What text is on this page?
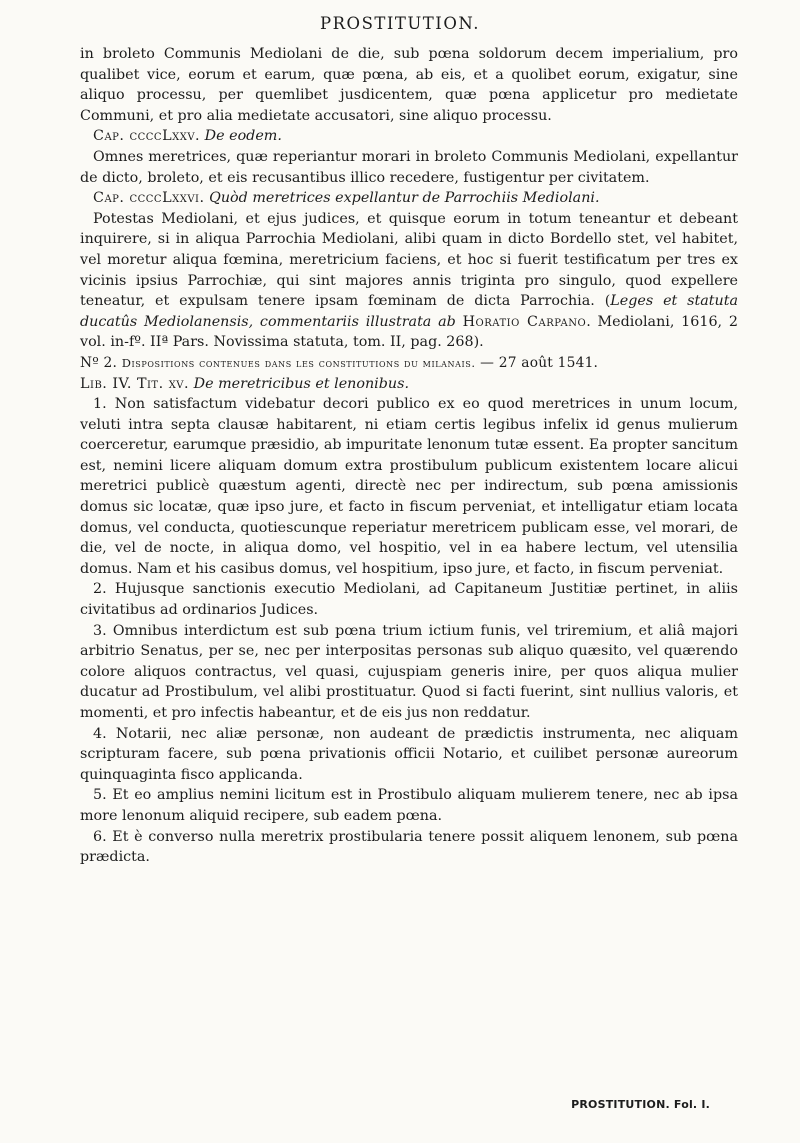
PROSTITUTION.

in broleto Communis Mediolani de die, sub pœna soldorum decem imperialium, pro qualibet vice, eorum et earum, quæ pœna, ab eis, et a quolibet eorum, exigatur, sine aliquo processu, per quemlibet jusdicentem, quæ pœna applicetur pro medietate Communi, et pro alia medietate accusatori, sine aliquo processu.

Cap. ccccLxxv. De eodem.

Omnes meretrices, quæ reperiantur morari in broleto Communis Mediolani, expellantur de dicto, broleto, et eis recusantibus illico recedere, fustigentur per civitatem.

Cap. ccccLxxvi. Quòd meretrices expellantur de Parrochiis Mediolani.

Potestas Mediolani, et ejus judices, et quisque eorum in totum teneantur et debeant inquirere, si in aliqua Parrochia Mediolani, alibi quam in dicto Bordello stet, vel habitet, vel moretur aliqua fœmina, meretricium faciens, et hoc si fuerit testificatum per tres ex vicinis ipsius Parrochiæ, qui sint majores annis triginta pro singulo, quod expellere teneatur, et expulsam tenere ipsam fœminam de dicta Parrochia. (Leges et statuta ducatûs Mediolanensis, commentariis illustrata ab Horatio Carpano. Mediolani, 1616, 2 vol. in-fº. IIª Pars. Novissima statuta, tom. II, pag. 268).

Nº 2. Dispositions contenues dans les constitutions du milanais. — 27 août 1541.

Lib. IV. Tit. xv. De meretricibus et lenonibus.

1. Non satisfactum videbatur decori publico ex eo quod meretrices in unum locum, veluti intra septa clausæ habitarent, ni etiam certis legibus infelix id genus mulierum coerceretur, earumque præsidio, ab impuritate lenonum tutæ essent. Ea propter sancitum est, nemini licere aliquam domum extra prostibulum publicum existentem locare alicui meretrici publicè quæstum agenti, directè nec per indirectum, sub pœna amissionis domus sic locatæ, quæ ipso jure, et facto in fiscum perveniat, et intelligatur etiam locata domus, vel conducta, quotiescunque reperiatur meretricem publicam esse, vel morari, de die, vel de nocte, in aliqua domo, vel hospitio, vel in ea habere lectum, vel utensilia domus. Nam et his casibus domus, vel hospitium, ipso jure, et facto, in fiscum perveniat.

2. Hujusque sanctionis executio Mediolani, ad Capitaneum Justitiæ pertinet, in aliis civitatibus ad ordinarios Judices.

3. Omnibus interdictum est sub pœna trium ictium funis, vel triremium, et aliâ majori arbitrio Senatus, per se, nec per interpositas personas sub aliquo quæsito, vel quærendo colore aliquos contractus, vel quasi, cujuspiam generis inire, per quos aliqua mulier ducatur ad Prostibulum, vel alibi prostituatur. Quod si facti fuerint, sint nullius valoris, et momenti, et pro infectis habeantur, et de eis jus non reddatur.

4. Notarii, nec aliæ personæ, non audeant de prædictis instrumenta, nec aliquam scripturam facere, sub pœna privationis officii Notario, et cuilibet personæ aureorum quinquaginta fisco applicanda.

5. Et eo amplius nemini licitum est in Prostibulo aliquam mulierem tenere, nec ab ipsa more lenonum aliquid recipere, sub eadem pœna.

6. Et è converso nulla meretrix prostibularia tenere possit aliquem lenonem, sub pœna prædicta.

PROSTITUTION. Fol. I.
